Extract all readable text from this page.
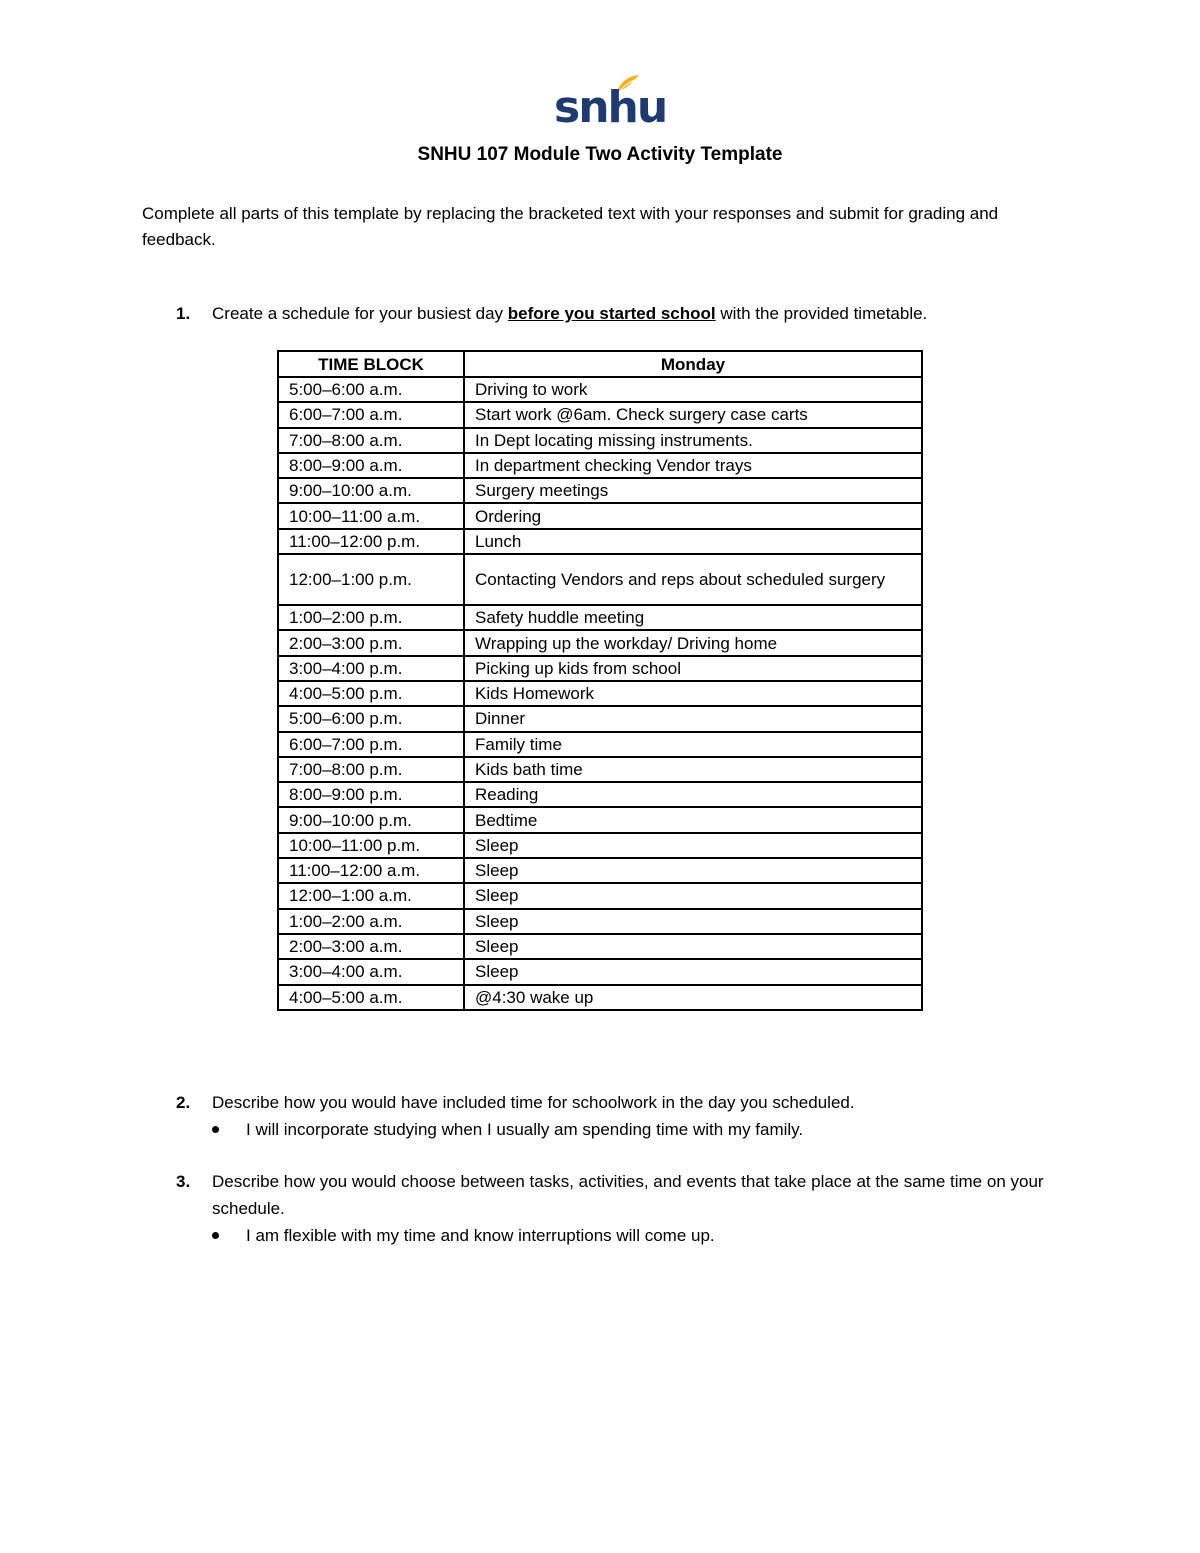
snhu
SNHU 107 Module Two Activity Template
Complete all parts of this template by replacing the bracketed text with your responses and submit for grading and feedback.
1. Create a schedule for your busiest day before you started school with the provided timetable.
TIME BLOCK	Monday
5:00–6:00 a.m.	Driving to work
6:00–7:00 a.m.	Start work @6am. Check surgery case carts
7:00–8:00 a.m.	In Dept locating missing instruments.
8:00–9:00 a.m.	In department checking Vendor trays
9:00–10:00 a.m.	Surgery meetings
10:00–11:00 a.m.	Ordering
11:00–12:00 p.m.	Lunch
12:00–1:00 p.m.	Contacting Vendors and reps about scheduled surgery
1:00–2:00 p.m.	Safety huddle meeting
2:00–3:00 p.m.	Wrapping up the workday/ Driving home
3:00–4:00 p.m.	Picking up kids from school
4:00–5:00 p.m.	Kids Homework
5:00–6:00 p.m.	Dinner
6:00–7:00 p.m.	Family time
7:00–8:00 p.m.	Kids bath time
8:00–9:00 p.m.	Reading
9:00–10:00 p.m.	Bedtime
10:00–11:00 p.m.	Sleep
11:00–12:00 a.m.	Sleep
12:00–1:00 a.m.	Sleep
1:00–2:00 a.m.	Sleep
2:00–3:00 a.m.	Sleep
3:00–4:00 a.m.	Sleep
4:00–5:00 a.m.	@4:30 wake up
2. Describe how you would have included time for schoolwork in the day you scheduled.
I will incorporate studying when I usually am spending time with my family.
3. Describe how you would choose between tasks, activities, and events that take place at the same time on your schedule.
I am flexible with my time and know interruptions will come up.
